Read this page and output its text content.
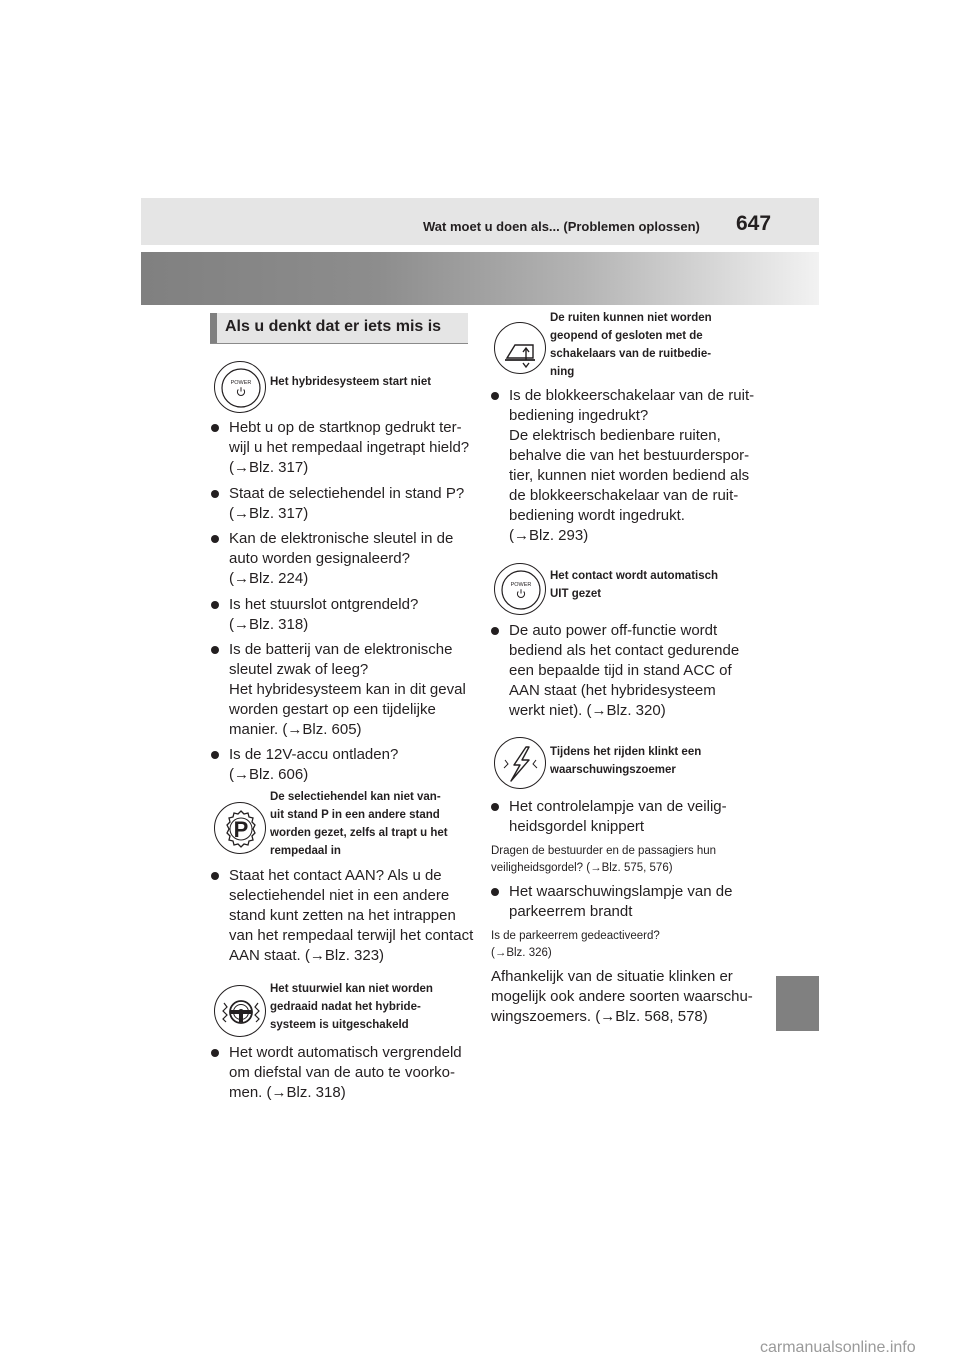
Wat moet u doen als... (Problemen oplossen) 647
Als u denkt dat er iets mis is
POWER Het hybridesysteem start niet
Hebt u op de startknop gedrukt ter-
wijl u het rempedaal ingetrapt hield?
(→Blz. 317)
Staat de selectiehendel in stand P?
(→Blz. 317)
Kan de elektronische sleutel in de
auto worden gesignaleerd?
(→Blz. 224)
Is het stuurslot ontgrendeld?
(→Blz. 318)
Is de batterij van de elektronische
sleutel zwak of leeg?
Het hybridesysteem kan in dit geval
worden gestart op een tijdelijke
manier. (→Blz. 605)
Is de 12V-accu ontladen?
(→Blz. 606)
P
De selectiehendel kan niet van-
uit stand P in een andere stand
worden gezet, zelfs al trapt u het
rempedaal in
Staat het contact AAN? Als u de
selectiehendel niet in een andere
stand kunt zetten na het intrappen
van het rempedaal terwijl het contact
AAN staat. (→Blz. 323)
Het stuurwiel kan niet worden
gedraaid nadat het hybride-
systeem is uitgeschakeld
Het wordt automatisch vergrendeld
om diefstal van de auto te voorko-
men. (→Blz. 318)
De ruiten kunnen niet worden
geopend of gesloten met de
schakelaars van de ruitbedie-
ning
Is de blokkeerschakelaar van de ruit-
bediening ingedrukt?
De elektrisch bedienbare ruiten,
behalve die van het bestuurderspor-
tier, kunnen niet worden bediend als
de blokkeerschakelaar van de ruit-
bediening wordt ingedrukt.
(→Blz. 293)
POWER
Het contact wordt automatisch
UIT gezet
De auto power off-functie wordt
bediend als het contact gedurende
een bepaalde tijd in stand ACC of
AAN staat (het hybridesysteem
werkt niet). (→Blz. 320)
Tijdens het rijden klinkt een
waarschuwingszoemer
Het controlelampje van de veilig-
heidsgordel knippert
Dragen de bestuurder en de passagiers hun
veiligheidsgordel? (→Blz. 575, 576)
Het waarschuwingslampje van de
parkeerrem brandt
Is de parkeerrem gedeactiveerd?
(→Blz. 326)
Afhankelijk van de situatie klinken er
mogelijk ook andere soorten waarschu-
wingszoemers. (→Blz. 568, 578)
carmanualsonline.info
